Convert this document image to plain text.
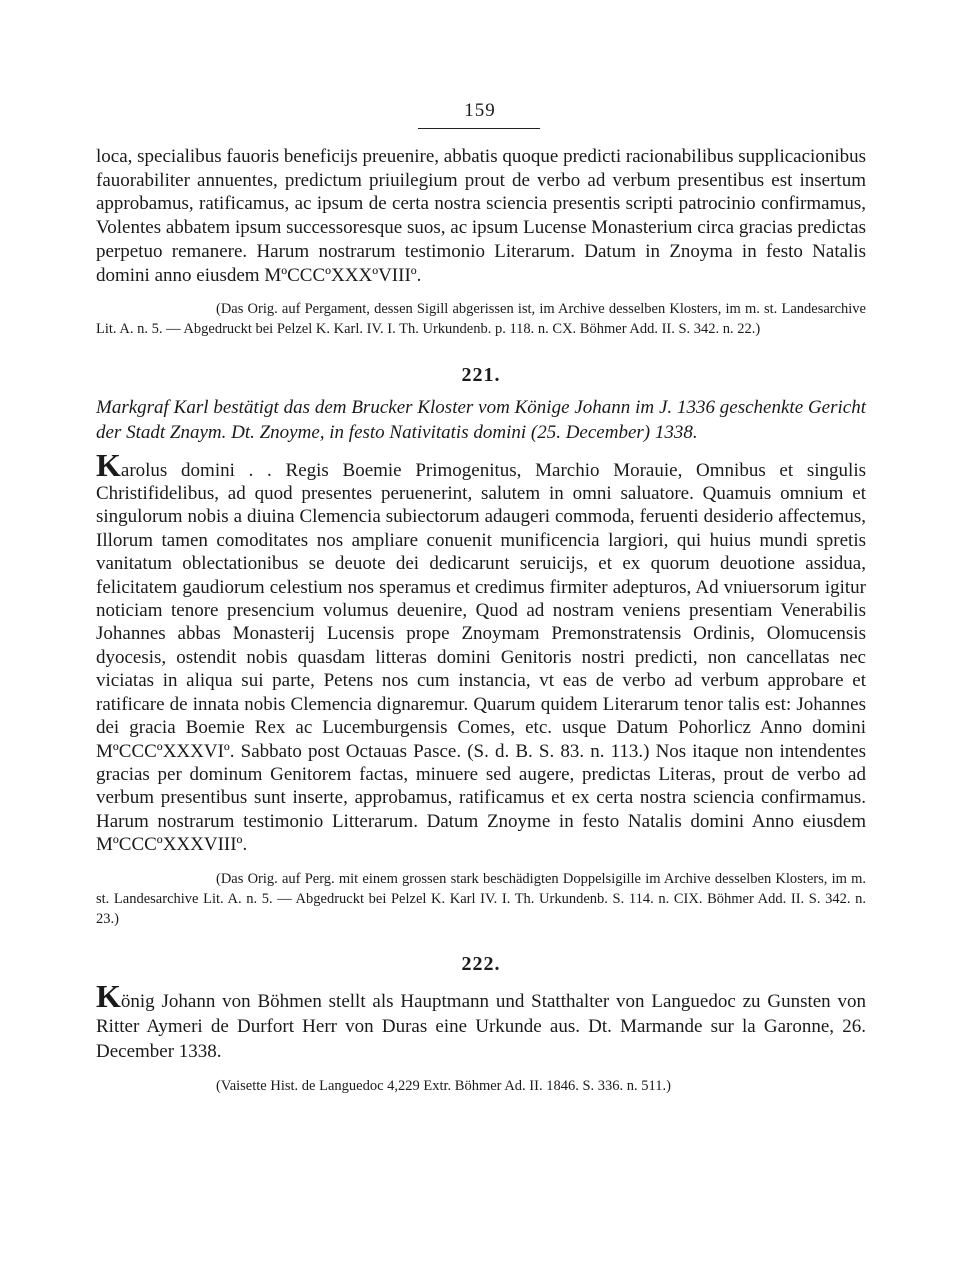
159

loca, specialibus fauoris beneficijs preuenire, abbatis quoque predicti racionabilibus supplicacionibus fauorabiliter annuentes, predictum priuilegium prout de verbo ad verbum presentibus est insertum approbamus, ratificamus, ac ipsum de certa nostra sciencia presentis scripti patrocinio confirmamus, Volentes abbatem ipsum successoresque suos, ac ipsum Lucense Monasterium circa gracias predictas perpetuo remanere. Harum nostrarum testimonio Literarum. Datum in Znoyma in festo Natalis domini anno eiusdem MºCCCºXXXºVIIIº.

(Das Orig. auf Pergament, dessen Sigill abgerissen ist, im Archive desselben Klosters, im m. st. Landesarchive Lit. A. n. 5. — Abgedruckt bei Pelzel K. Karl. IV. I. Th. Urkundenb. p. 118. n. CX. Böhmer Add. II. S. 342. n. 22.)

221.

Markgraf Karl bestätigt das dem Brucker Kloster vom Könige Johann im J. 1336 geschenkte Gericht der Stadt Znaym. Dt. Znoyme, in festo Nativitatis domini (25. December) 1338.

Karolus domini . . Regis Boemie Primogenitus, Marchio Morauie, Omnibus et singulis Christifidelibus, ad quod presentes peruenerint, salutem in omni saluatore. Quamuis omnium et singulorum nobis a diuina Clemencia subiectorum adaugeri commoda, feruenti desiderio affectemus, Illorum tamen comoditates nos ampliare conuenit munificencia largiori, qui huius mundi spretis vanitatum oblectationibus se deuote dei dedicarunt seruicijs, et ex quorum deuotione assidua, felicitatem gaudiorum celestium nos speramus et credimus firmiter adepturos, Ad vniuersorum igitur noticiam tenore presencium volumus deuenire, Quod ad nostram veniens presentiam Venerabilis Johannes abbas Monasterij Lucensis prope Znoymam Premonstratensis Ordinis, Olomucensis dyocesis, ostendit nobis quasdam litteras domini Genitoris nostri predicti, non cancellatas nec viciatas in aliqua sui parte, Petens nos cum instancia, vt eas de verbo ad verbum approbare et ratificare de innata nobis Clemencia dignaremur. Quarum quidem Literarum tenor talis est: Johannes dei gracia Boemie Rex ac Lucemburgensis Comes, etc. usque Datum Pohorlicz Anno domini MºCCCºXXXVIº. Sabbato post Octauas Pasce. (S. d. B. S. 83. n. 113.) Nos itaque non intendentes gracias per dominum Genitorem factas, minuere sed augere, predictas Literas, prout de verbo ad verbum presentibus sunt inserte, approbamus, ratificamus et ex certa nostra sciencia confirmamus. Harum nostrarum testimonio Litterarum. Datum Znoyme in festo Natalis domini Anno eiusdem MºCCCºXXXVIIIº.

(Das Orig. auf Perg. mit einem grossen stark beschädigten Doppelsigille im Archive desselben Klosters, im m. st. Landesarchive Lit. A. n. 5. — Abgedruckt bei Pelzel K. Karl IV. I. Th. Urkundenb. S. 114. n. CIX. Böhmer Add. II. S. 342. n. 23.)

222.

König Johann von Böhmen stellt als Hauptmann und Statthalter von Languedoc zu Gunsten von Ritter Aymeri de Durfort Herr von Duras eine Urkunde aus. Dt. Marmande sur la Garonne, 26. December 1338.

(Vaisette Hist. de Languedoc 4,229 Extr. Böhmer Ad. II. 1846. S. 336. n. 511.)
